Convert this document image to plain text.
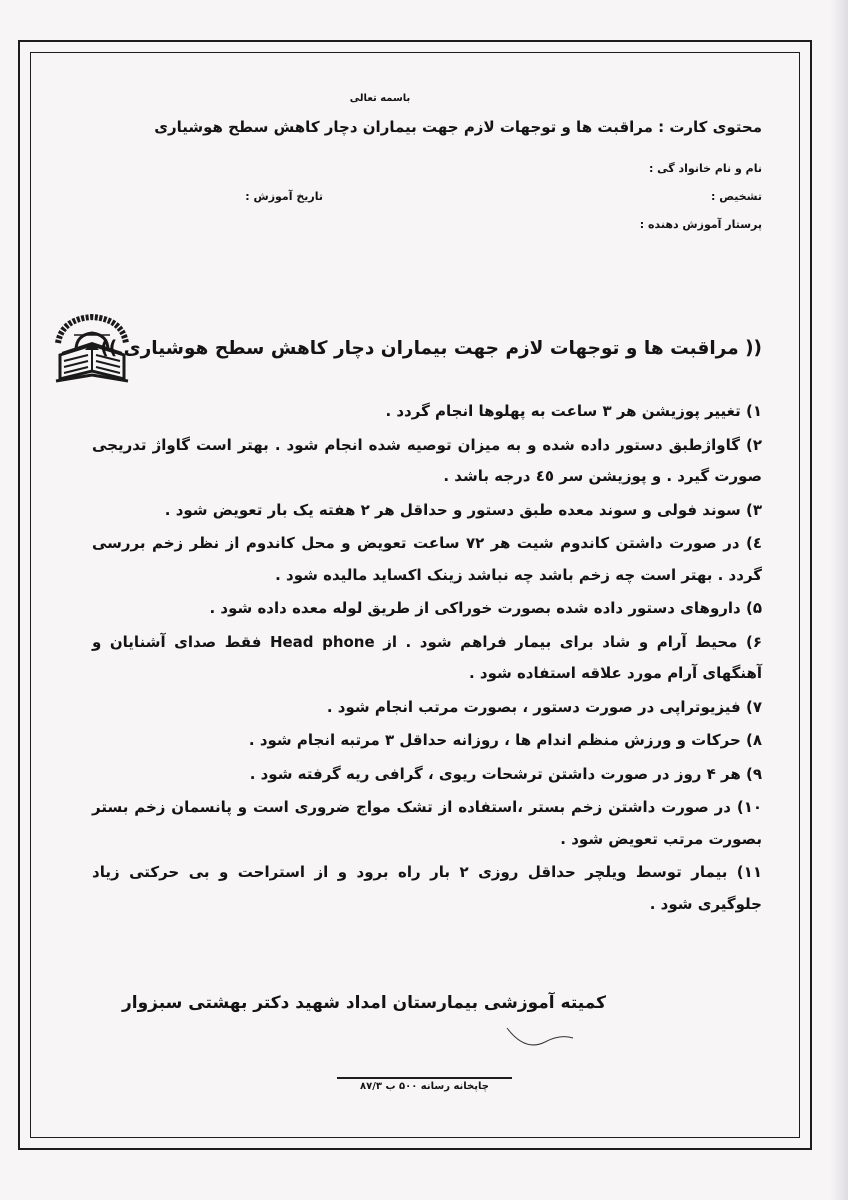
باسمه تعالی
محتوی کارت : مراقبت ها و توجهات لازم جهت بیماران دچار کاهش سطح هوشیاری
نام و نام خانواد گی :
تشخیص :
تاریخ آموزش :
پرستار آموزش دهنده :
(( مراقبت ها و توجهات لازم جهت بیماران دچار کاهش سطح هوشیاری ))
۱) تغییر پوزیشن هر ۳ ساعت به پهلوها انجام گردد .
۲) گاواژطبق دستور داده شده و به میزان توصیه شده انجام شود . بهتر است گاواژ تدریجی صورت گیرد . و پوزیشن سر ٤٥ درجه باشد .
۳) سوند فولی و سوند معده طبق دستور و حداقل هر ۲ هفته یک بار تعویض شود .
٤) در صورت داشتن کاندوم شیت هر ۷۲ ساعت تعویض و محل کاندوم از نظر زخم بررسی گردد . بهتر است چه زخم باشد چه نباشد زینک اکساید مالیده شود .
۵) داروهای دستور داده شده بصورت خوراکی از طریق لوله معده داده شود .
۶) محیط آرام و شاد برای بیمار فراهم شود . از Head phone فقط صدای آشنایان و آهنگهای آرام مورد علاقه استفاده شود .
۷) فیزیوتراپی در صورت دستور ، بصورت مرتب انجام شود .
۸) حرکات و ورزش منظم اندام ها ، روزانه حداقل ۳ مرتبه انجام شود .
۹) هر ۴ روز در صورت داشتن ترشحات ریوی ، گرافی ریه گرفته شود .
۱۰) در صورت داشتن زخم بستر ،استفاده از تشک مواج ضروری است و پانسمان زخم بستر بصورت مرتب تعویض شود .
۱۱) بیمار توسط ویلچر حداقل روزی ۲ بار راه برود و از استراحت و بی حرکتی زیاد جلوگیری شود .
کمیته آموزشی بیمارستان امداد شهید دکتر بهشتی سبزوار
چاپخانه رسانه ۵۰۰ ب ۸۷/۳
